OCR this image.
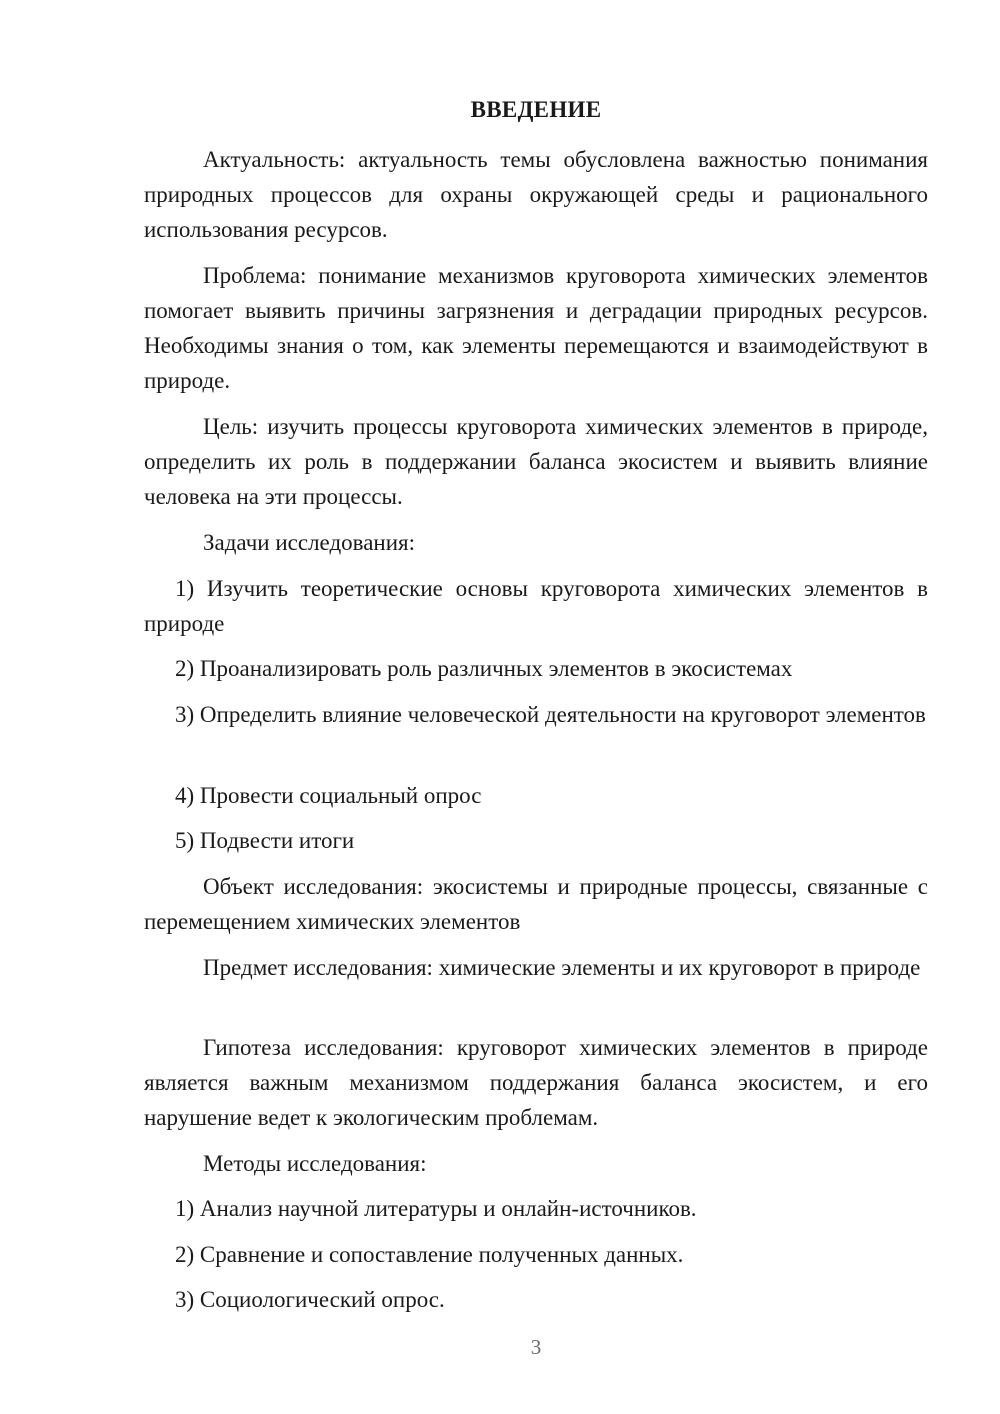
ВВЕДЕНИЕ

Актуальность: актуальность темы обусловлена важностью понимания природных процессов для охраны окружающей среды и рационального использования ресурсов.

Проблема: понимание механизмов круговорота химических элементов помогает выявить причины загрязнения и деградации природных ресурсов. Необходимы знания о том, как элементы перемещаются и взаимодействуют в природе.

Цель: изучить процессы круговорота химических элементов в природе, определить их роль в поддержании баланса экосистем и выявить влияние человека на эти процессы.

Задачи исследования:

1) Изучить теоретические основы круговорота химических элементов в природе

2) Проанализировать роль различных элементов в экосистемах

3) Определить влияние человеческой деятельности на круговорот элементов

4) Провести социальный опрос

5) Подвести итоги

Объект исследования: экосистемы и природные процессы, связанные с перемещением химических элементов

Предмет исследования: химические элементы и их круговорот в природе

Гипотеза исследования: круговорот химических элементов в природе является важным механизмом поддержания баланса экосистем, и его нарушение ведет к экологическим проблемам.

Методы исследования:

1) Анализ научной литературы и онлайн-источников.

2) Сравнение и сопоставление полученных данных.

3) Социологический опрос.

3
